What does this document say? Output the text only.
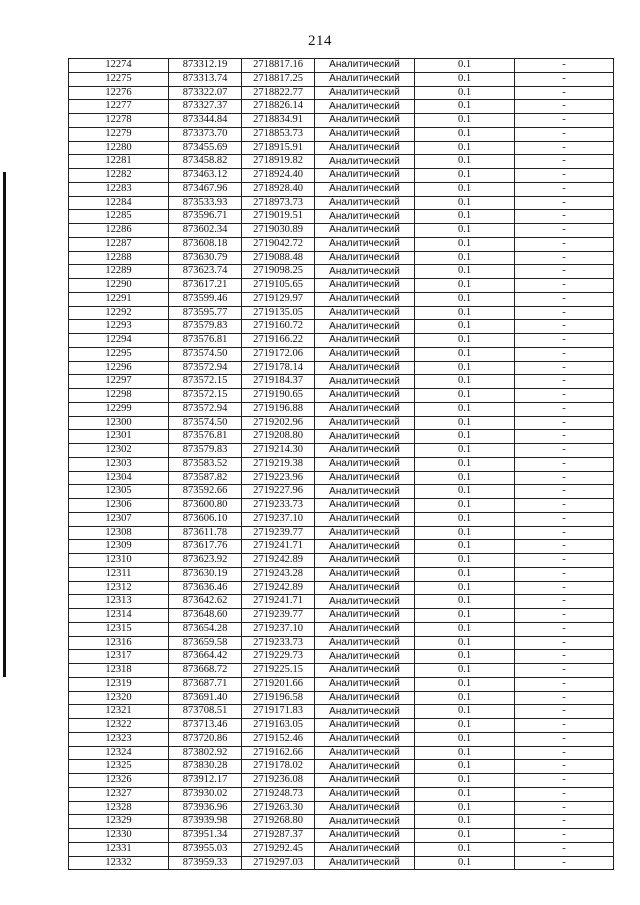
214
12274	873312.19	2718817.16	Аналитический	0.1	-
12275	873313.74	2718817.25	Аналитический	0.1	-
12276	873322.07	2718822.77	Аналитический	0.1	-
12277	873327.37	2718826.14	Аналитический	0.1	-
12278	873344.84	2718834.91	Аналитический	0.1	-
12279	873373.70	2718853.73	Аналитический	0.1	-
12280	873455.69	2718915.91	Аналитический	0.1	-
12281	873458.82	2718919.82	Аналитический	0.1	-
12282	873463.12	2718924.40	Аналитический	0.1	-
12283	873467.96	2718928.40	Аналитический	0.1	-
12284	873533.93	2718973.73	Аналитический	0.1	-
12285	873596.71	2719019.51	Аналитический	0.1	-
12286	873602.34	2719030.89	Аналитический	0.1	-
12287	873608.18	2719042.72	Аналитический	0.1	-
12288	873630.79	2719088.48	Аналитический	0.1	-
12289	873623.74	2719098.25	Аналитический	0.1	-
12290	873617.21	2719105.65	Аналитический	0.1	-
12291	873599.46	2719129.97	Аналитический	0.1	-
12292	873595.77	2719135.05	Аналитический	0.1	-
12293	873579.83	2719160.72	Аналитический	0.1	-
12294	873576.81	2719166.22	Аналитический	0.1	-
12295	873574.50	2719172.06	Аналитический	0.1	-
12296	873572.94	2719178.14	Аналитический	0.1	-
12297	873572.15	2719184.37	Аналитический	0.1	-
12298	873572.15	2719190.65	Аналитический	0.1	-
12299	873572.94	2719196.88	Аналитический	0.1	-
12300	873574.50	2719202.96	Аналитический	0.1	-
12301	873576.81	2719208.80	Аналитический	0.1	-
12302	873579.83	2719214.30	Аналитический	0.1	-
12303	873583.52	2719219.38	Аналитический	0.1	-
12304	873587.82	2719223.96	Аналитический	0.1	-
12305	873592.66	2719227.96	Аналитический	0.1	-
12306	873600.80	2719233.73	Аналитический	0.1	-
12307	873606.10	2719237.10	Аналитический	0.1	-
12308	873611.78	2719239.77	Аналитический	0.1	-
12309	873617.76	2719241.71	Аналитический	0.1	-
12310	873623.92	2719242.89	Аналитический	0.1	-
12311	873630.19	2719243.28	Аналитический	0.1	-
12312	873636.46	2719242.89	Аналитический	0.1	-
12313	873642.62	2719241.71	Аналитический	0.1	-
12314	873648.60	2719239.77	Аналитический	0.1	-
12315	873654.28	2719237.10	Аналитический	0.1	-
12316	873659.58	2719233.73	Аналитический	0.1	-
12317	873664.42	2719229.73	Аналитический	0.1	-
12318	873668.72	2719225.15	Аналитический	0.1	-
12319	873687.71	2719201.66	Аналитический	0.1	-
12320	873691.40	2719196.58	Аналитический	0.1	-
12321	873708.51	2719171.83	Аналитический	0.1	-
12322	873713.46	2719163.05	Аналитический	0.1	-
12323	873720.86	2719152.46	Аналитический	0.1	-
12324	873802.92	2719162.66	Аналитический	0.1	-
12325	873830.28	2719178.02	Аналитический	0.1	-
12326	873912.17	2719236.08	Аналитический	0.1	-
12327	873930.02	2719248.73	Аналитический	0.1	-
12328	873936.96	2719263.30	Аналитический	0.1	-
12329	873939.98	2719268.80	Аналитический	0.1	-
12330	873951.34	2719287.37	Аналитический	0.1	-
12331	873955.03	2719292.45	Аналитический	0.1	-
12332	873959.33	2719297.03	Аналитический	0.1	-
